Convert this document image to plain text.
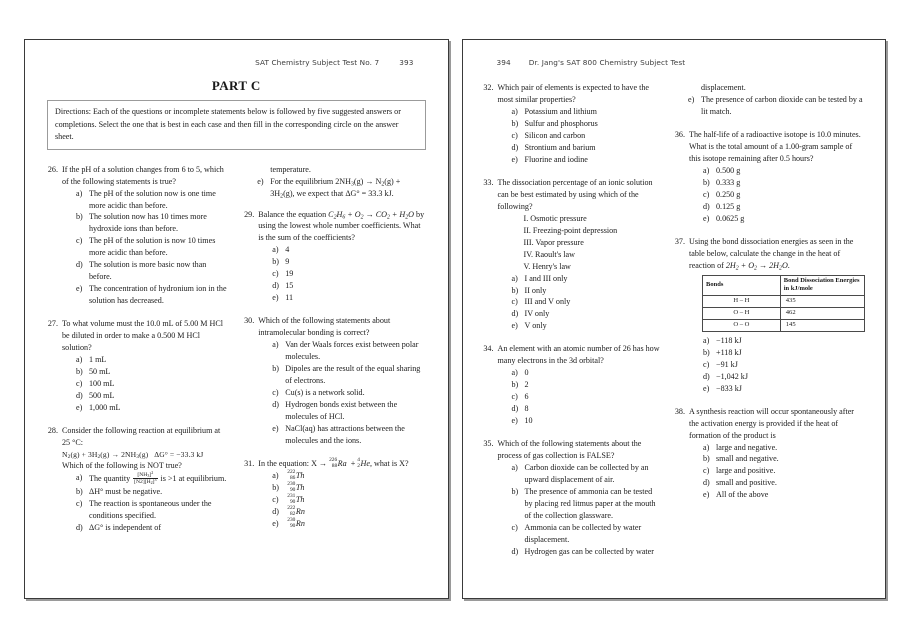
SAT Chemistry Subject Test No. 7	393
PART C
Directions: Each of the questions or incomplete statements below is followed by five suggested answers or completions. Select the one that is best in each case and then fill in the corresponding circle on the answer sheet.
26. If the pH of a solution changes from 6 to 5, which of the following statements is true?
a) The pH of the solution now is one time more acidic than before.
b) The solution now has 10 times more hydroxide ions than before.
c) The pH of the solution is now 10 times more acidic than before.
d) The solution is more basic now than before.
e) The concentration of hydronium ion in the solution has decreased.
27. To what volume must the 10.0 mL of 5.00 M HCl be diluted in order to make a 0.500 M HCl solution?
a) 1 mL
b) 50 mL
c) 100 mL
d) 500 mL
e) 1,000 mL
28. Consider the following reaction at equilibrium at 25 °C:
$N_2(g) + 3H_2(g) \to 2NH_3(g) \Delta G^\circ = -33.3$ kJ
Which of the following is NOT true?
a) The quantity $\frac{[NH_3]^2}{[N2][H_2]^3}$ is >1 at equilibrium.
b) ΔH° must be negative.
c) The reaction is spontaneous under the conditions specified.
d) ΔG° is independent of
temperature.
e) For the equilibrium $2NH_3(g) \to N_2(g) + 3H_2(g)$, we expect that ΔG° = 33.3 kJ.
29. Balance the equation $C_2H_6 + O_2 \to CO_2 + H_2O$ by using the lowest whole number coefficients. What is the sum of the coefficients?
a) 4
b) 9
c) 19
d) 15
e) 11
30. Which of the following statements about intramolecular bonding is correct?
a) Van der Waals forces exist between polar molecules.
b) Dipoles are the result of the equal sharing of electrons.
c) Cu(s) is a network solid.
d) Hydrogen bonds exist between the molecules of HCl.
e) NaCl(aq) has attractions between the molecules and the ions.
31. In the equation: X → 226
88 Ra  + 4
2 He, what is X?
a)
	222
86 Th
b)
	230
90 Th
c)
	231
90 Th
d)
	222
82 Rn
e)
	230
90 Rn
394 Dr. Jang's SAT 800 Chemistry Subject Test
32. Which pair of elements is expected to have the most similar properties?
a) Potassium and lithium
b) Sulfur and phosphorus
c) Silicon and carbon
d) Strontium and barium
e) Fluorine and iodine
33. The dissociation percentage of an ionic solution can be best estimated by using which of the following?
I. Osmotic pressure
II. Freezing-point depression
III. Vapor pressure
IV. Raoult's law
V. Henry's law
a) I and III only
b) II only
c) III and V only
d) IV only
e) V only
34. An element with an atomic number of 26 has how many electrons in the 3d orbital?
a) 0
b) 2
c) 6
d) 8
e) 10
35. Which of the following statements about the process of gas collection is FALSE?
a) Carbon dioxide can be collected by an upward displacement of air.
b) The presence of ammonia can be tested by placing red litmus paper at the mouth of the collection glassware.
c) Ammonia can be collected by water displacement.
d) Hydrogen gas can be collected by water
displacement.
e) The presence of carbon dioxide can be tested by a lit match.
36. The half-life of a radioactive isotope is 10.0 minutes. What is the total amount of a 1.00-gram sample of this isotope remaining after 0.5 hours?
a) 0.500 g
b) 0.333 g
c) 0.250 g
d) 0.125 g
e) 0.0625 g
37. Using the bond dissociation energies as seen in the table below, calculate the change in the heat of reaction of $2H_2 + O_2 \to 2H_2O$.
Bonds	Bond Dissociation Energies in kJ/mole
H – H	435
O – H	462
O – O	145
a) −118 kJ
b) +118 kJ
c) −91 kJ
d) −1,042 kJ
e) −833 kJ
38. A synthesis reaction will occur spontaneously after the activation energy is provided if the heat of formation of the product is
a) large and negative.
b) small and negative.
c) large and positive.
d) small and positive.
e) All of the above
